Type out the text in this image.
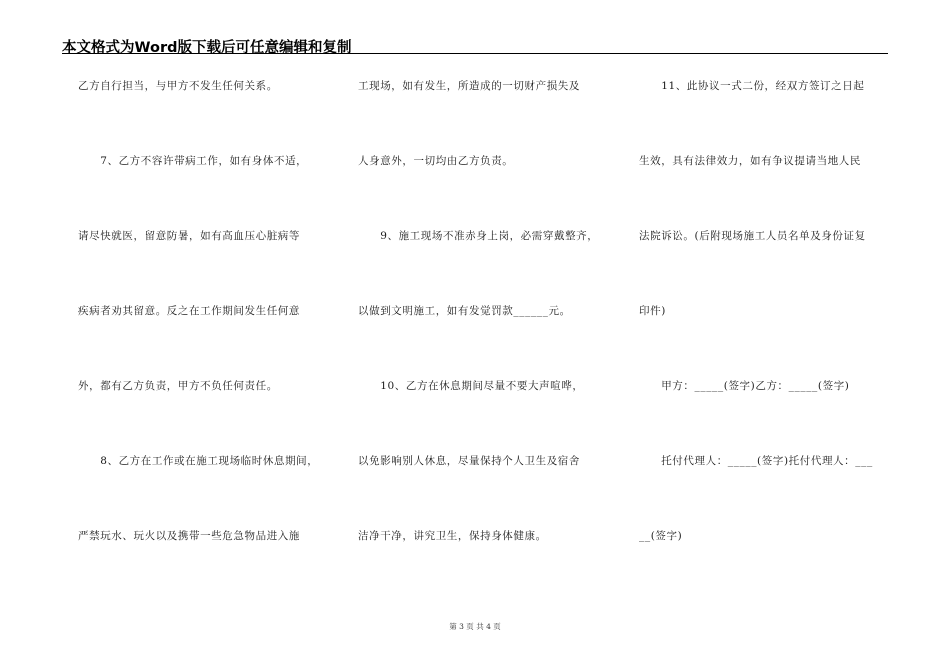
本文格式为Word版下载后可任意编辑和复制
乙方自行担当，与甲方不发生任何关系。
　　7、乙方不容许带病工作，如有身体不适，
请尽快就医，留意防暑，如有高血压心脏病等
疾病者劝其留意。反之在工作期间发生任何意
外，都有乙方负责，甲方不负任何责任。
　　8、乙方在工作或在施工现场临时休息期间，
严禁玩水、玩火以及携带一些危急物品进入施
工现场，如有发生，所造成的一切财产损失及
人身意外，一切均由乙方负责。
　　9、施工现场不准赤身上岗，必需穿戴整齐，
以做到文明施工，如有发觉罚款______元。
　　10、乙方在休息期间尽量不要大声喧哗，
以免影响别人休息，尽量保持个人卫生及宿舍
洁净干净，讲究卫生，保持身体健康。
　　11、此协议一式二份，经双方签订之日起
生效，具有法律效力，如有争议提请当地人民
法院诉讼。(后附现场施工人员名单及身份证复
印件)
　　甲方：_____(签字)乙方：_____(签字)
　　托付代理人：_____(签字)托付代理人：___
__(签字)
第 3 页 共 4 页
